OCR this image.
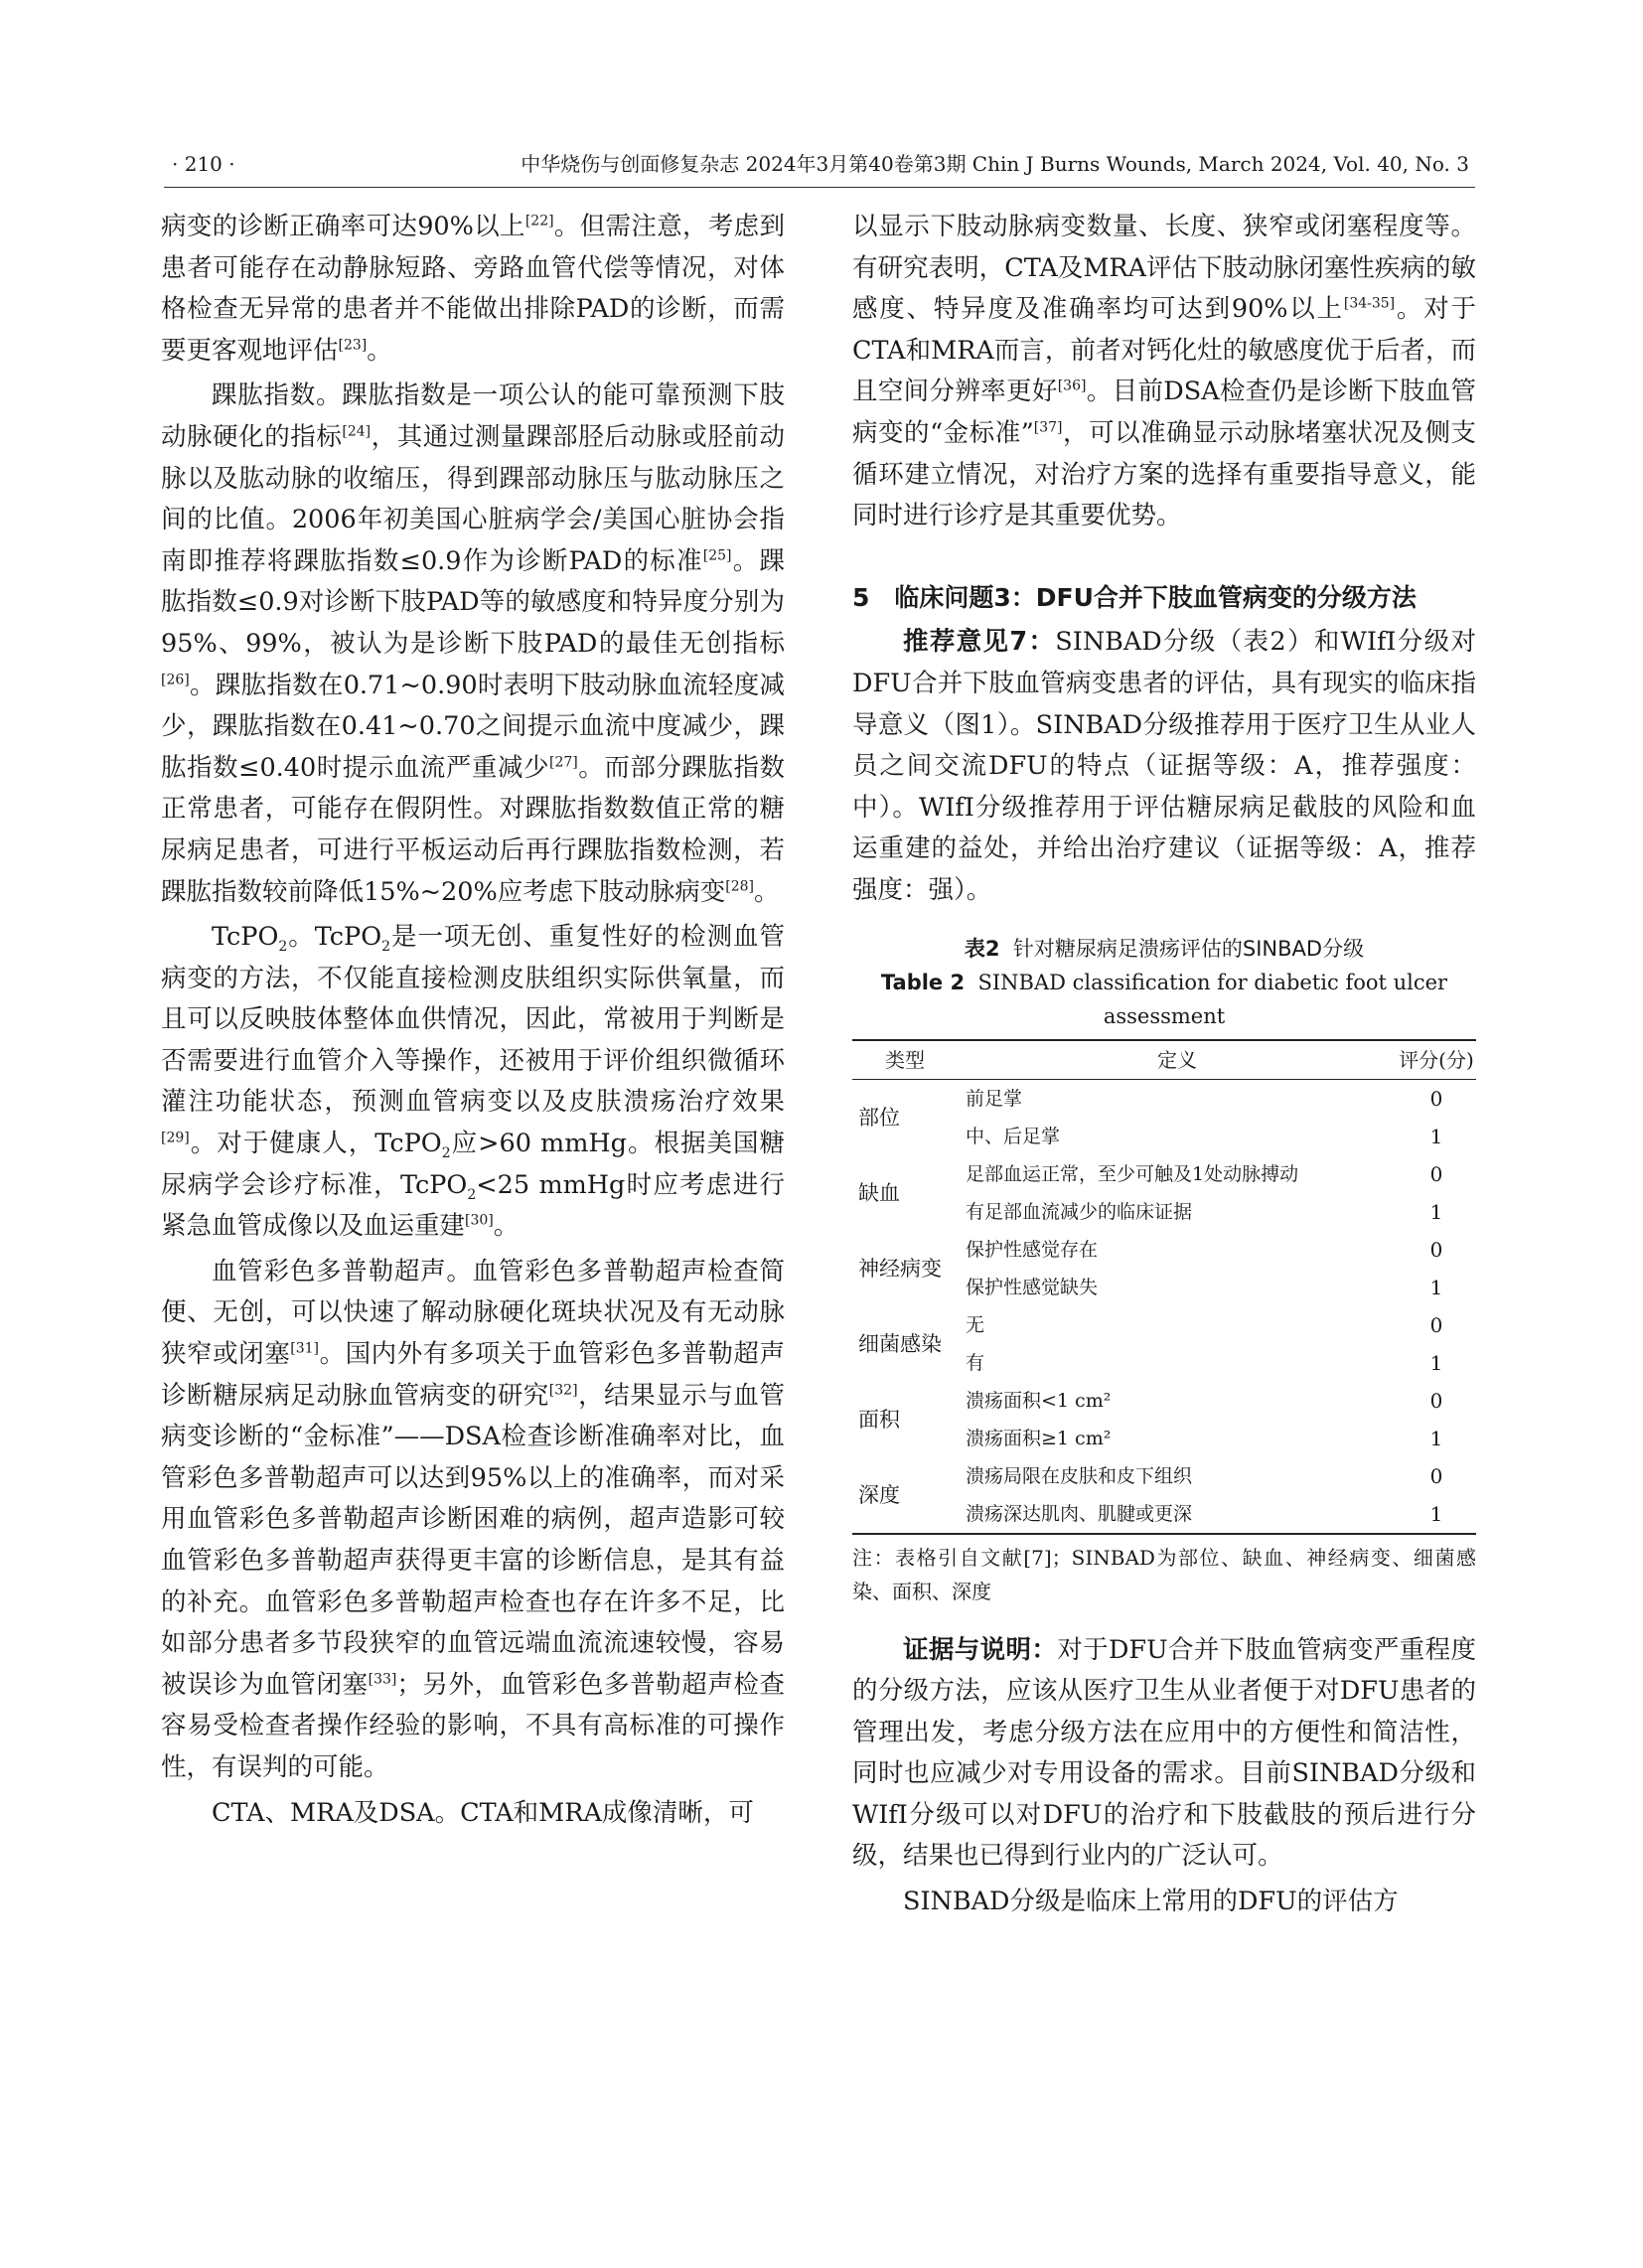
· 210 ·	中华烧伤与创面修复杂志 2024年3月第40卷第3期 Chin J Burns Wounds, March 2024, Vol. 40, No. 3

病变的诊断正确率可达90%以上[22]。但需注意，考虑到患者可能存在动静脉短路、旁路血管代偿等情况，对体格检查无异常的患者并不能做出排除PAD的诊断，而需要更客观地评估[23]。

踝肱指数。踝肱指数是一项公认的能可靠预测下肢动脉硬化的指标[24]，其通过测量踝部胫后动脉或胫前动脉以及肱动脉的收缩压，得到踝部动脉压与肱动脉压之间的比值。2006年初美国心脏病学会/美国心脏协会指南即推荐将踝肱指数≤0.9作为诊断PAD的标准[25]。踝肱指数≤0.9对诊断下肢PAD等的敏感度和特异度分别为95%、99%，被认为是诊断下肢PAD的最佳无创指标[26]。踝肱指数在0.71~0.90时表明下肢动脉血流轻度减少，踝肱指数在0.41~0.70之间提示血流中度减少，踝肱指数≤0.40时提示血流严重减少[27]。而部分踝肱指数正常患者，可能存在假阴性。对踝肱指数数值正常的糖尿病足患者，可进行平板运动后再行踝肱指数检测，若踝肱指数较前降低15%~20%应考虑下肢动脉病变[28]。

TcPO$_2$。TcPO$_2$是一项无创、重复性好的检测血管病变的方法，不仅能直接检测皮肤组织实际供氧量，而且可以反映肢体整体血供情况，因此，常被用于判断是否需要进行血管介入等操作，还被用于评价组织微循环灌注功能状态，预测血管病变以及皮肤溃疡治疗效果[29]。对于健康人，TcPO$_2$应>60 mmHg。根据美国糖尿病学会诊疗标准，TcPO$_2$<25 mmHg时应考虑进行紧急血管成像以及血运重建[30]。

血管彩色多普勒超声。血管彩色多普勒超声检查简便、无创，可以快速了解动脉硬化斑块状况及有无动脉狭窄或闭塞[31]。国内外有多项关于血管彩色多普勒超声诊断糖尿病足动脉血管病变的研究[32]，结果显示与血管病变诊断的“金标准”——DSA检查诊断准确率对比，血管彩色多普勒超声可以达到95%以上的准确率，而对采用血管彩色多普勒超声诊断困难的病例，超声造影可较血管彩色多普勒超声获得更丰富的诊断信息，是其有益的补充。血管彩色多普勒超声检查也存在许多不足，比如部分患者多节段狭窄的血管远端血流流速较慢，容易被误诊为血管闭塞[33]；另外，血管彩色多普勒超声检查容易受检查者操作经验的影响，不具有高标准的可操作性，有误判的可能。

CTA、MRA及DSA。CTA和MRA成像清晰，可

以显示下肢动脉病变数量、长度、狭窄或闭塞程度等。有研究表明，CTA及MRA评估下肢动脉闭塞性疾病的敏感度、特异度及准确率均可达到90%以上[34-35]。对于CTA和MRA而言，前者对钙化灶的敏感度优于后者，而且空间分辨率更好[36]。目前DSA检查仍是诊断下肢血管病变的“金标准”[37]，可以准确显示动脉堵塞状况及侧支循环建立情况，对治疗方案的选择有重要指导意义，能同时进行诊疗是其重要优势。

5　临床问题3：DFU合并下肢血管病变的分级方法

推荐意见7：SINBAD分级（表2）和WIfI分级对DFU合并下肢血管病变患者的评估，具有现实的临床指导意义（图1）。SINBAD分级推荐用于医疗卫生从业人员之间交流DFU的特点（证据等级：A，推荐强度：中）。WIfI分级推荐用于评估糖尿病足截肢的风险和血运重建的益处，并给出治疗建议（证据等级：A，推荐强度：强）。

表2 针对糖尿病足溃疡评估的SINBAD分级
Table 2 SINBAD classification for diabetic foot ulcer assessment
类型	定义	评分(分)
部位	前足掌	0
	中、后足掌	1
缺血	足部血运正常，至少可触及1处动脉搏动	0
	有足部血流减少的临床证据	1
神经病变	保护性感觉存在	0
	保护性感觉缺失	1
细菌感染	无	0
	有	1
面积	溃疡面积<1 cm²	0
	溃疡面积≥1 cm²	1
深度	溃疡局限在皮肤和皮下组织	0
	溃疡深达肌肉、肌腱或更深	1
注：表格引自文献[7]；SINBAD为部位、缺血、神经病变、细菌感染、面积、深度

证据与说明：对于DFU合并下肢血管病变严重程度的分级方法，应该从医疗卫生从业者便于对DFU患者的管理出发，考虑分级方法在应用中的方便性和简洁性，同时也应减少对专用设备的需求。目前SINBAD分级和WIfI分级可以对DFU的治疗和下肢截肢的预后进行分级，结果也已得到行业内的广泛认可。

SINBAD分级是临床上常用的DFU的评估方
